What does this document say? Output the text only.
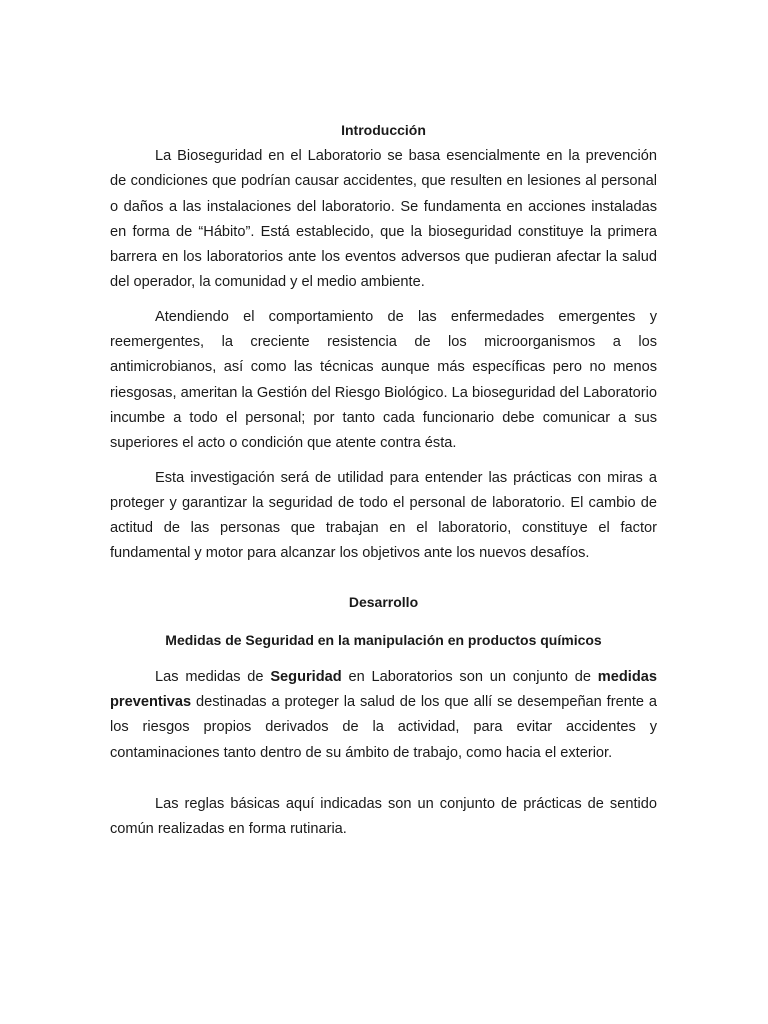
Introducción

La Bioseguridad en el Laboratorio se basa esencialmente en la prevención de condiciones que podrían causar accidentes, que resulten en lesiones al personal o daños a las instalaciones del laboratorio. Se fundamenta en acciones instaladas en forma de “Hábito”. Está establecido, que la bioseguridad constituye la primera barrera en los laboratorios ante los eventos adversos que pudieran afectar la salud del operador, la comunidad y el medio ambiente.

Atendiendo el comportamiento de las enfermedades emergentes y reemergentes, la creciente resistencia de los microorganismos a los antimicrobianos, así como las técnicas aunque más específicas pero no menos riesgosas, ameritan la Gestión del Riesgo Biológico. La bioseguridad del Laboratorio incumbe a todo el personal; por tanto cada funcionario debe comunicar a sus superiores el acto o condición que atente contra ésta.

Esta investigación será de utilidad para entender las prácticas con miras a proteger y garantizar la seguridad de todo el personal de laboratorio. El cambio de actitud de las personas que trabajan en el laboratorio, constituye el factor fundamental y motor para alcanzar los objetivos ante los nuevos desafíos.

Desarrollo
Medidas de Seguridad en la manipulación en productos químicos

Las medidas de Seguridad en Laboratorios son un conjunto de medidas preventivas destinadas a proteger la salud de los que allí se desempeñan frente a los riesgos propios derivados de la actividad, para evitar accidentes y contaminaciones tanto dentro de su ámbito de trabajo, como hacia el exterior.

Las reglas básicas aquí indicadas son un conjunto de prácticas de sentido común realizadas en forma rutinaria.
